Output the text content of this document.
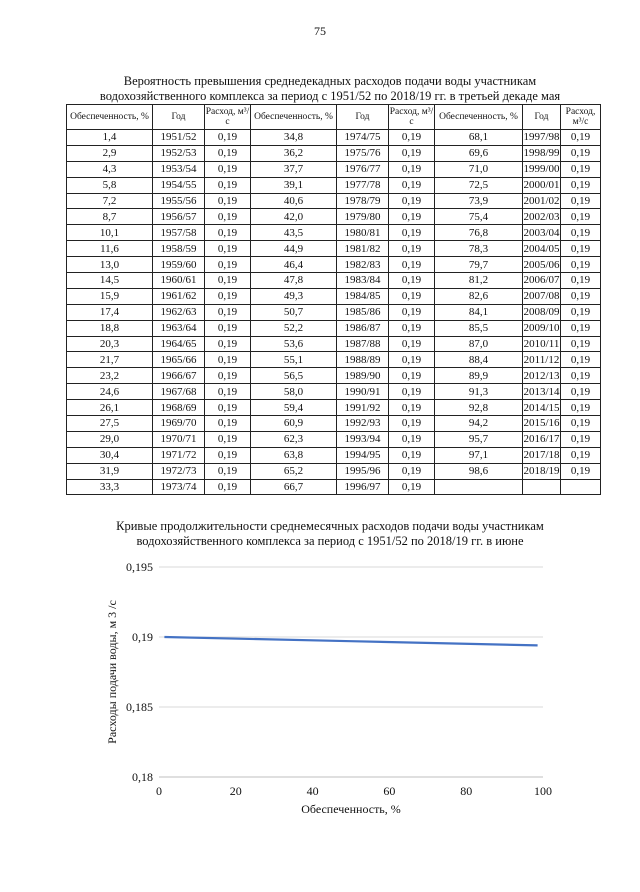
75
Вероятность превышения среднедекадных расходов подачи воды участникам
водохозяйственного комплекса за период с 1951/52 по 2018/19 гг. в третьей декаде мая
Обеспеченность, %	Год	Расход, м³/с	Обеспеченность, %	Год	Расход, м³/с	Обеспеченность, %	Год	Расход, м³/с
1,4	1951/52	0,19	34,8	1974/75	0,19	68,1	1997/98	0,19
2,9	1952/53	0,19	36,2	1975/76	0,19	69,6	1998/99	0,19
4,3	1953/54	0,19	37,7	1976/77	0,19	71,0	1999/00	0,19
5,8	1954/55	0,19	39,1	1977/78	0,19	72,5	2000/01	0,19
7,2	1955/56	0,19	40,6	1978/79	0,19	73,9	2001/02	0,19
8,7	1956/57	0,19	42,0	1979/80	0,19	75,4	2002/03	0,19
10,1	1957/58	0,19	43,5	1980/81	0,19	76,8	2003/04	0,19
11,6	1958/59	0,19	44,9	1981/82	0,19	78,3	2004/05	0,19
13,0	1959/60	0,19	46,4	1982/83	0,19	79,7	2005/06	0,19
14,5	1960/61	0,19	47,8	1983/84	0,19	81,2	2006/07	0,19
15,9	1961/62	0,19	49,3	1984/85	0,19	82,6	2007/08	0,19
17,4	1962/63	0,19	50,7	1985/86	0,19	84,1	2008/09	0,19
18,8	1963/64	0,19	52,2	1986/87	0,19	85,5	2009/10	0,19
20,3	1964/65	0,19	53,6	1987/88	0,19	87,0	2010/11	0,19
21,7	1965/66	0,19	55,1	1988/89	0,19	88,4	2011/12	0,19
23,2	1966/67	0,19	56,5	1989/90	0,19	89,9	2012/13	0,19
24,6	1967/68	0,19	58,0	1990/91	0,19	91,3	2013/14	0,19
26,1	1968/69	0,19	59,4	1991/92	0,19	92,8	2014/15	0,19
27,5	1969/70	0,19	60,9	1992/93	0,19	94,2	2015/16	0,19
29,0	1970/71	0,19	62,3	1993/94	0,19	95,7	2016/17	0,19
30,4	1971/72	0,19	63,8	1994/95	0,19	97,1	2017/18	0,19
31,9	1972/73	0,19	65,2	1995/96	0,19	98,6	2018/19	0,19
33,3	1973/74	0,19	66,7	1996/97	0,19			
Кривые продолжительности среднемесячных расходов подачи воды участникам
водохозяйственного комплекса за период с 1951/52 по 2018/19 гг. в июне
0,18
0,185
0,19
0,195
0	20	40	60	80	100
Обеспеченность, %
Расходы подачи воды, м 3 /с
